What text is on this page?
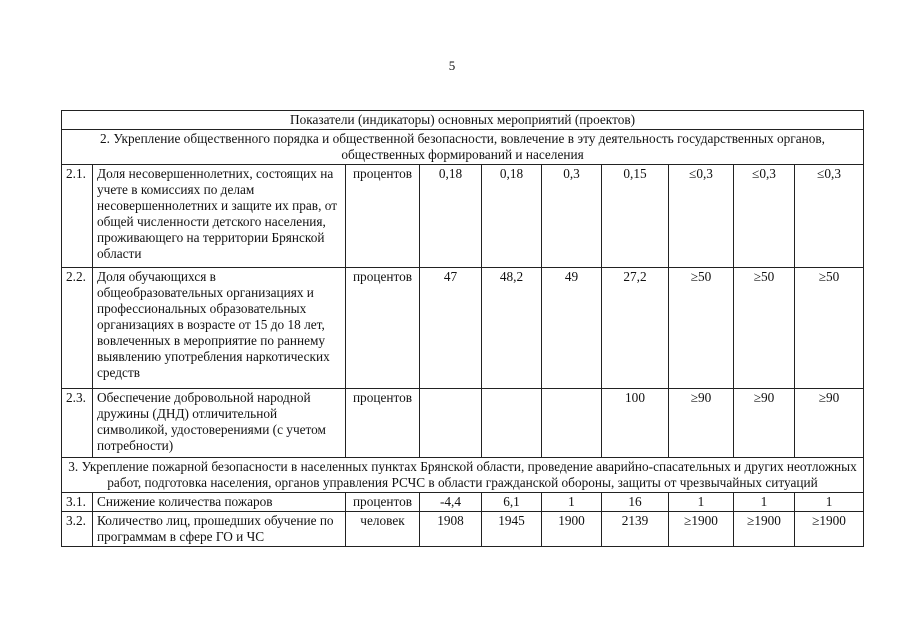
5
Показатели (индикаторы) основных мероприятий (проектов)									
2. Укрепление общественного порядка и общественной безопасности, вовлечение в эту деятельность государственных органов, общественных формирований и населения									
2.1.	Доля несовершеннолетних, состоящих на учете в комиссиях по делам несовершеннолетних и защите их прав, от общей численности детского населения, проживающего на территории Брянской области	процентов	0,18	0,18	0,3	0,15	≤0,3	≤0,3	≤0,3
2.2.	Доля обучающихся в общеобразовательных организациях и профессиональных образовательных организациях в возрасте от 15 до 18 лет, вовлеченных в мероприятие по раннему выявлению употребления наркотических средств	процентов	47	48,2	49	27,2	≥50	≥50	≥50
2.3.	Обеспечение добровольной народной дружины (ДНД) отличительной символикой, удостоверениями (с учетом потребности)	процентов				100	≥90	≥90	≥90
3. Укрепление пожарной безопасности в населенных пунктах Брянской области, проведение аварийно-спасательных и других неотложных работ, подготовка населения, органов управления РСЧС в области гражданской обороны, защиты от чрезвычайных ситуаций									
3.1.	Снижение количества пожаров	процентов	-4,4	6,1	1	16	1	1	1
3.2.	Количество лиц, прошедших обучение по программам в сфере ГО и ЧС	человек	1908	1945	1900	2139	≥1900	≥1900	≥1900
